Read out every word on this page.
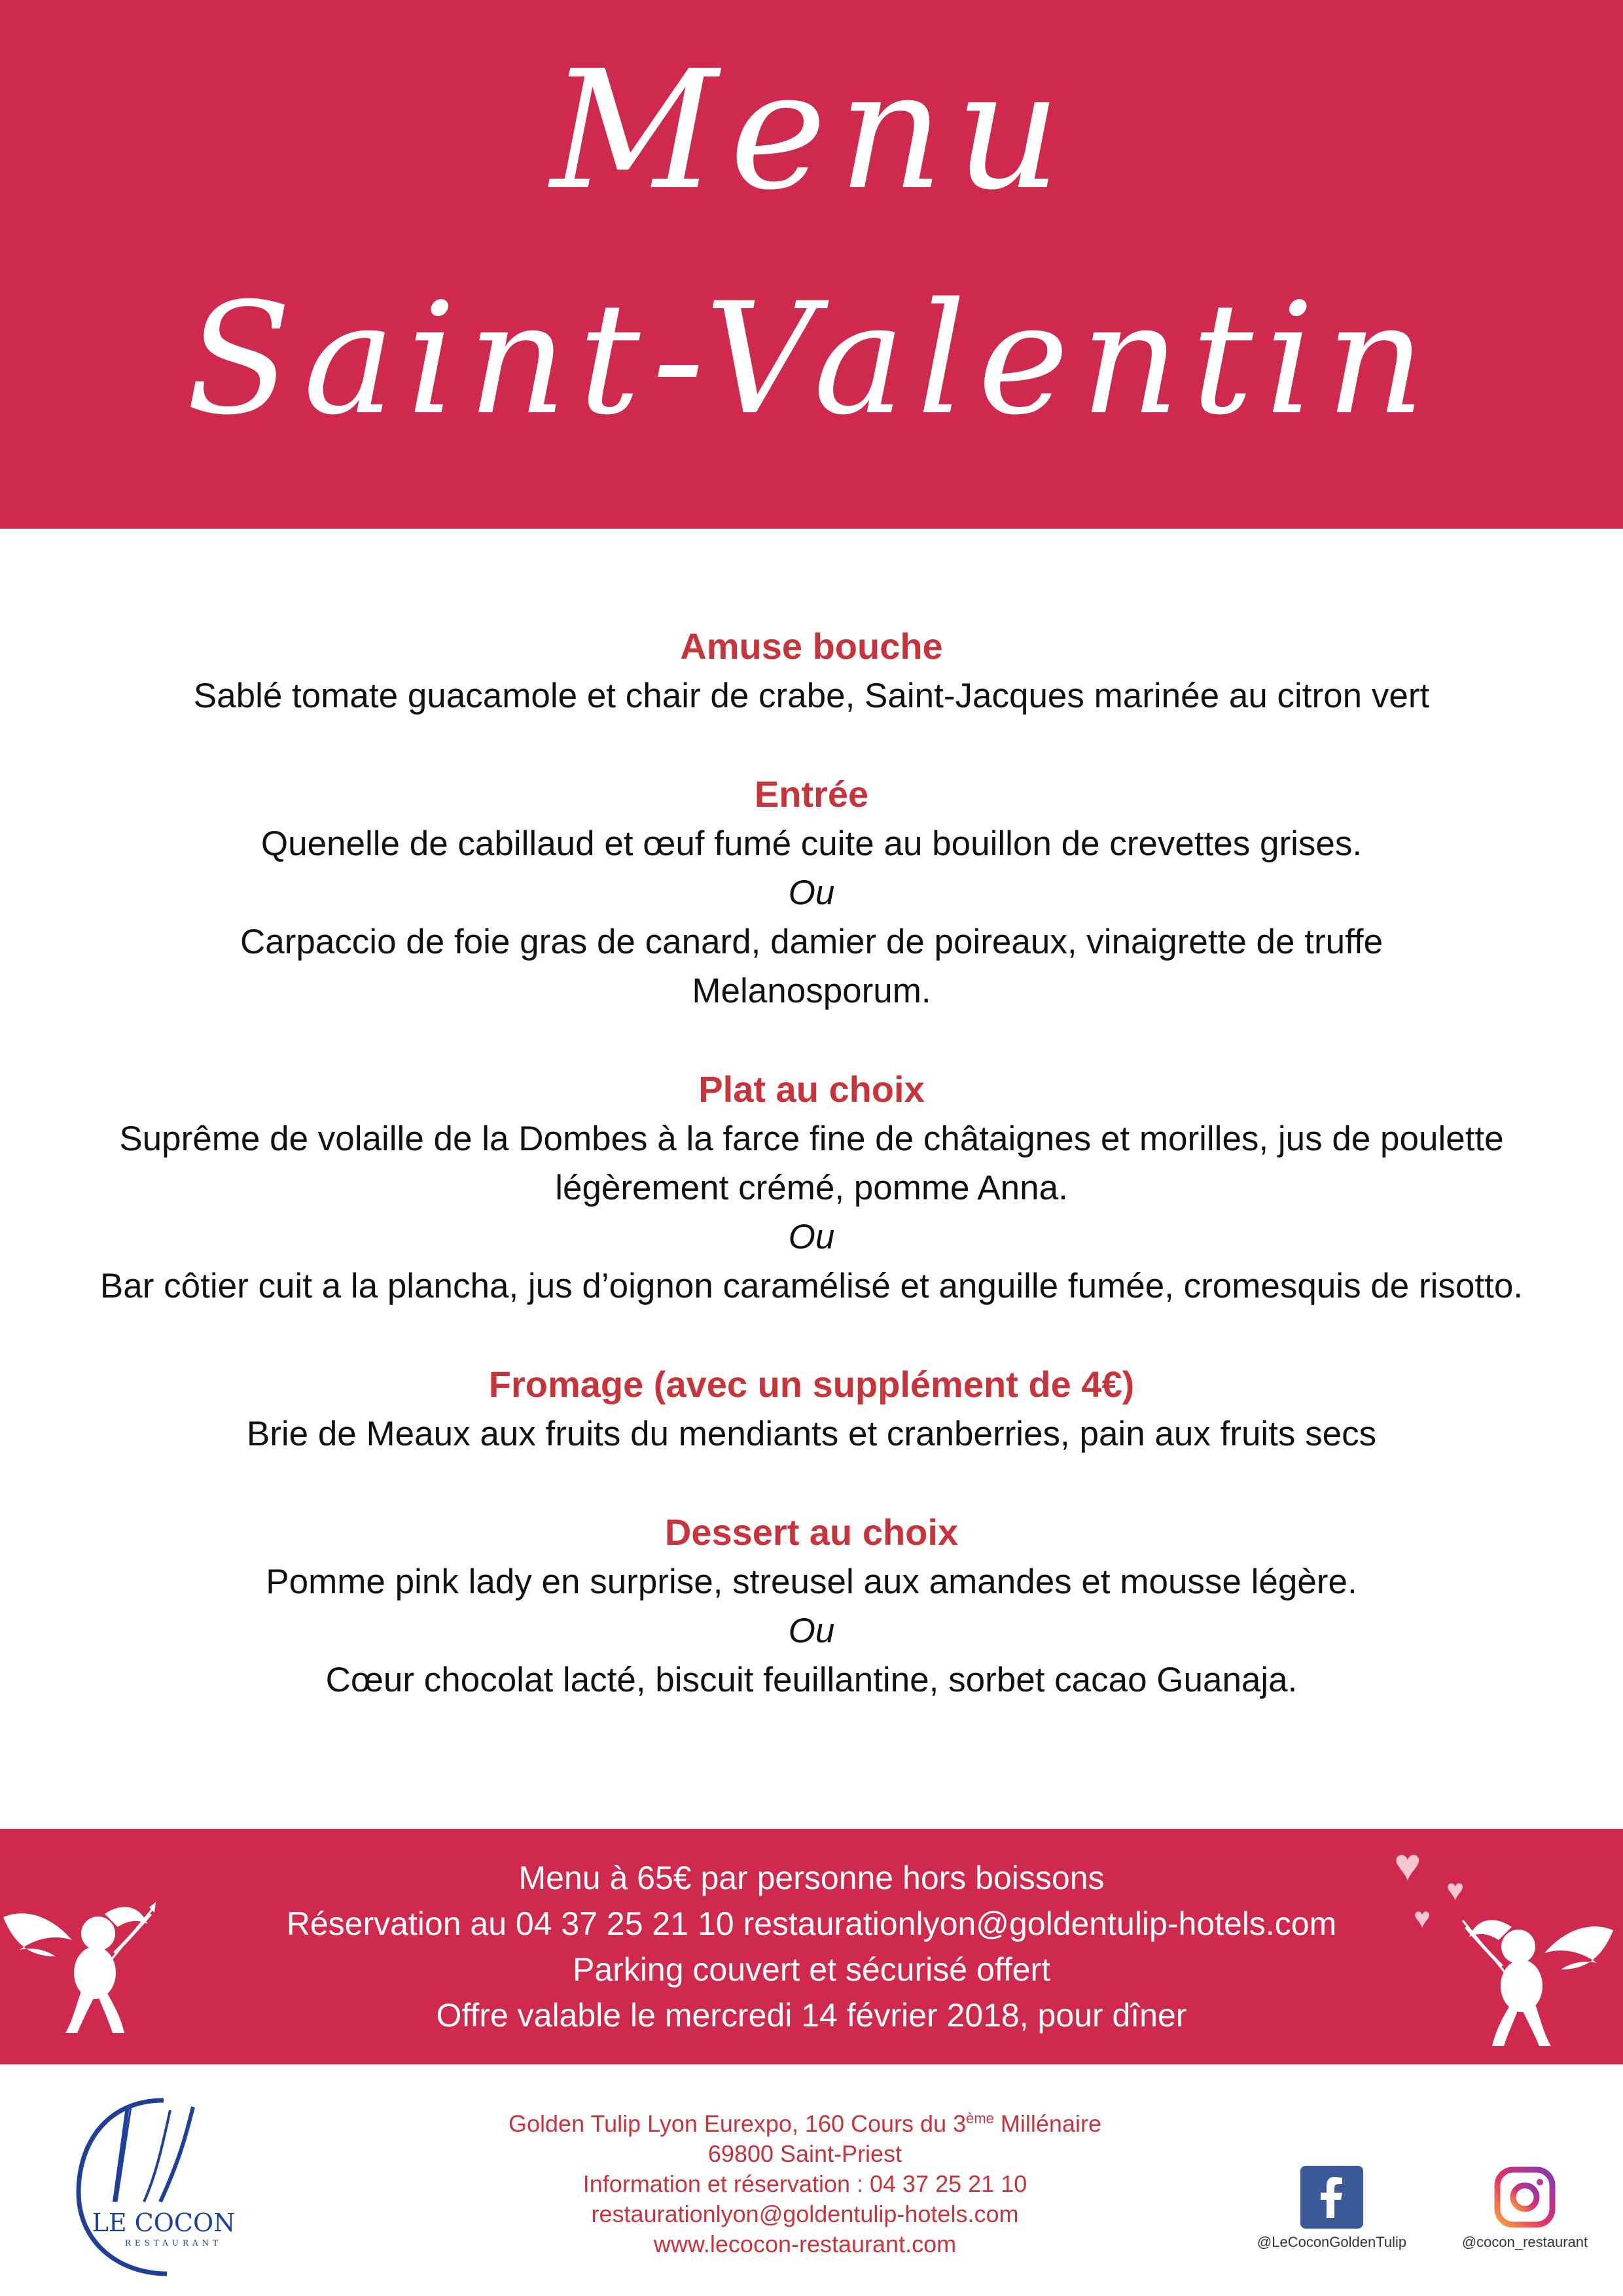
Menu
Saint-Valentin
Amuse bouche
Sablé tomate guacamole et chair de crabe, Saint-Jacques marinée au citron vert
Entrée
Quenelle de cabillaud et œuf fumé cuite au bouillon de crevettes grises.
Ou
Carpaccio de foie gras de canard, damier de poireaux, vinaigrette de truffe Melanosporum.
Plat au choix
Suprême de volaille de la Dombes à la farce fine de châtaignes et morilles, jus de poulette légèrement crémé, pomme Anna.
Ou
Bar côtier cuit a la plancha, jus d’oignon caramélisé et anguille fumée, cromesquis de risotto.
Fromage (avec un supplément de 4€)
Brie de Meaux aux fruits du mendiants et cranberries, pain aux fruits secs
Dessert au choix
Pomme pink lady en surprise, streusel aux amandes et mousse légère.
Ou
Cœur chocolat lacté, biscuit feuillantine, sorbet cacao Guanaja.
Menu à 65€ par personne hors boissons
Réservation au 04 37 25 21 10 restaurationlyon@goldentulip-hotels.com
Parking couvert et sécurisé offert
Offre valable le mercredi 14 février 2018, pour dîner
♥ ♥
♥
LE COCON
RESTAURANT
Golden Tulip Lyon Eurexpo, 160 Cours du 3ème Millénaire
69800 Saint-Priest
Information et réservation : 04 37 25 21 10
restaurationlyon@goldentulip-hotels.com
www.lecocon-restaurant.com	@LeCoconGoldenTulip	@cocon_restaurant
